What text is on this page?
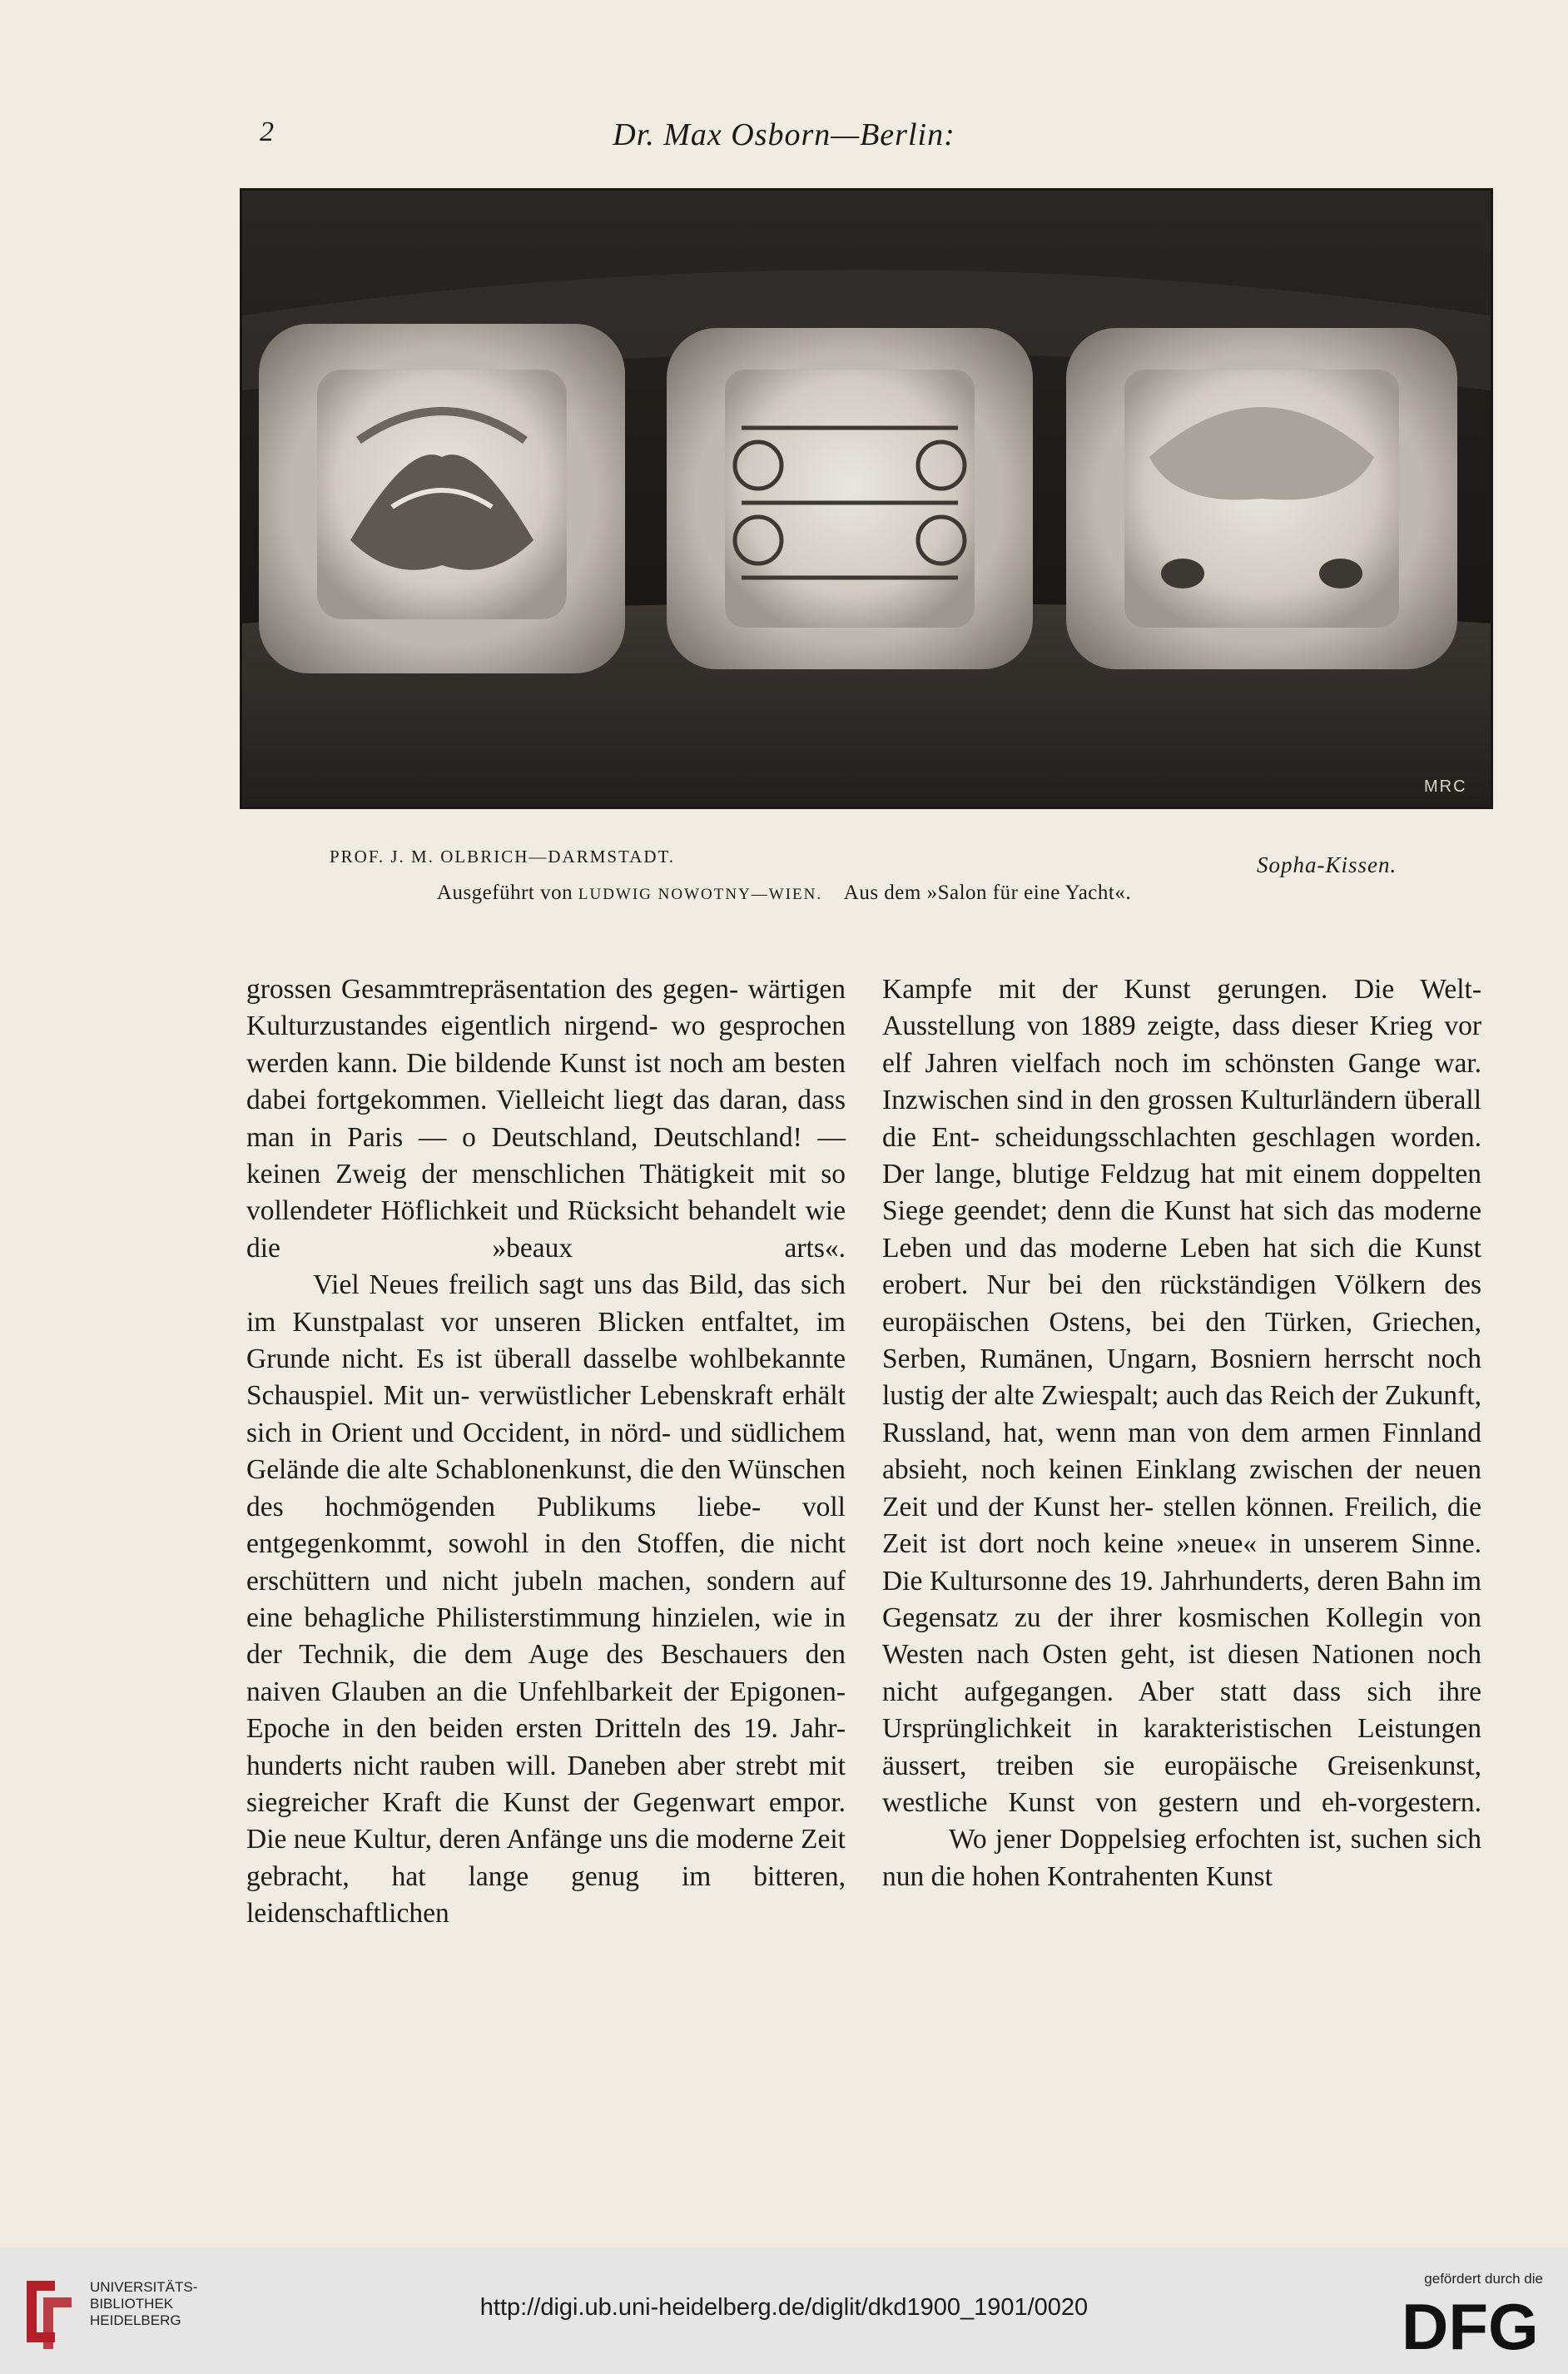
2	Dr. Max Osborn—Berlin:
MRC
PROF. J. M. OLBRICH—DARMSTADT.	Sopha-Kissen.
Ausgeführt von LUDWIG NOWOTNY—WIEN. Aus dem »Salon für eine Yacht«.

grossen Gesammtrepräsentation des gegen- wärtigen Kulturzustandes eigentlich nirgend- wo gesprochen werden kann. Die bildende Kunst ist noch am besten dabei fortgekommen. Vielleicht liegt das daran, dass man in Paris — o Deutschland, Deutschland! — keinen Zweig der menschlichen Thätigkeit mit so vollendeter Höflichkeit und Rücksicht behandelt wie die »beaux arts«.

Viel Neues freilich sagt uns das Bild, das sich im Kunstpalast vor unseren Blicken entfaltet, im Grunde nicht. Es ist überall dasselbe wohlbekannte Schauspiel. Mit un- verwüstlicher Lebenskraft erhält sich in Orient und Occident, in nörd- und südlichem Gelände die alte Schablonenkunst, die den Wünschen des hochmögenden Publikums liebe- voll entgegenkommt, sowohl in den Stoffen, die nicht erschüttern und nicht jubeln machen, sondern auf eine behagliche Philisterstimmung hinzielen, wie in der Technik, die dem Auge des Beschauers den naiven Glauben an die Unfehlbarkeit der Epigonen-Epoche in den beiden ersten Dritteln des 19. Jahr- hunderts nicht rauben will. Daneben aber strebt mit siegreicher Kraft die Kunst der Gegenwart empor. Die neue Kultur, deren Anfänge uns die moderne Zeit gebracht, hat lange genug im bitteren, leidenschaftlichen

Kampfe mit der Kunst gerungen. Die Welt-Ausstellung von 1889 zeigte, dass dieser Krieg vor elf Jahren vielfach noch im schönsten Gange war. Inzwischen sind in den grossen Kulturländern überall die Ent- scheidungsschlachten geschlagen worden. Der lange, blutige Feldzug hat mit einem doppelten Siege geendet; denn die Kunst hat sich das moderne Leben und das moderne Leben hat sich die Kunst erobert. Nur bei den rückständigen Völkern des europäischen Ostens, bei den Türken, Griechen, Serben, Rumänen, Ungarn, Bosniern herrscht noch lustig der alte Zwiespalt; auch das Reich der Zukunft, Russland, hat, wenn man von dem armen Finnland absieht, noch keinen Einklang zwischen der neuen Zeit und der Kunst her- stellen können. Freilich, die Zeit ist dort noch keine »neue« in unserem Sinne. Die Kultursonne des 19. Jahrhunderts, deren Bahn im Gegensatz zu der ihrer kosmischen Kollegin von Westen nach Osten geht, ist diesen Nationen noch nicht aufgegangen. Aber statt dass sich ihre Ursprünglichkeit in karakteristischen Leistungen äussert, treiben sie europäische Greisenkunst, westliche Kunst von gestern und eh-vorgestern.

Wo jener Doppelsieg erfochten ist, suchen sich nun die hohen Kontrahenten Kunst

UNIVERSITÄTS-
BIBLIOTHEK
HEIDELBERG	http://digi.ub.uni-heidelberg.de/diglit/dkd1900_1901/0020
gefördert durch die
DFG
